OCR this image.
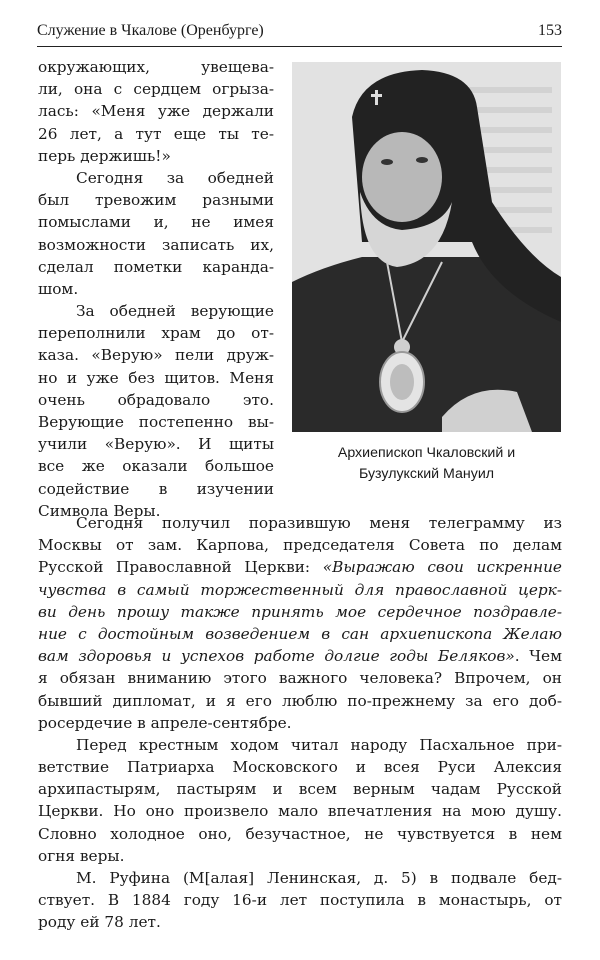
Служение в Чкалове (Оренбурге)	153
окружающих, увещева-
ли, она с сердцем огрыза-
лась: «Меня уже держали
26 лет, а тут еще ты те-
перь держишь!»
Сегодня за обедней
был тревожим разными
помыслами и, не имея
возможности записать их,
сделал пометки каранда-
шом.
За обедней верующие
переполнили храм до от-
каза. «Верую» пели друж-
но и уже без щитов. Меня
очень обрадовало это.
Верующие постепенно вы-
учили «Верую». И щиты
все же оказали большое
содействие в изучении
Символа Веры.
Архиепископ Чкаловский и
Бузулукский Мануил
Сегодня получил поразившую меня телеграмму из
Москвы от зам. Карпова, председателя Совета по делам
Русской Православной Церкви: «Выражаю свои искренние
чувства в самый торжественный для православной церк-
ви день прошу также принять мое сердечное поздравле-
ние с достойным возведением в сан архиепископа Желаю
вам здоровья и успехов работе долгие годы Беляков». Чем
я обязан вниманию этого важного человека? Впрочем, он
бывший дипломат, и я его люблю по-прежнему за его доб-
росердечие в апреле-сентябре.
Перед крестным ходом читал народу Пасхальное при-
ветствие Патриарха Московского и всея Руси Алексия
архипастырям, пастырям и всем верным чадам Русской
Церкви. Но оно произвело мало впечатления на мою душу.
Словно холодное оно, безучастное, не чувствуется в нем
огня веры.
М. Руфина (М[алая] Ленинская, д. 5) в подвале бед-
ствует. В 1884 году 16-и лет поступила в монастырь, от
роду ей 78 лет.
